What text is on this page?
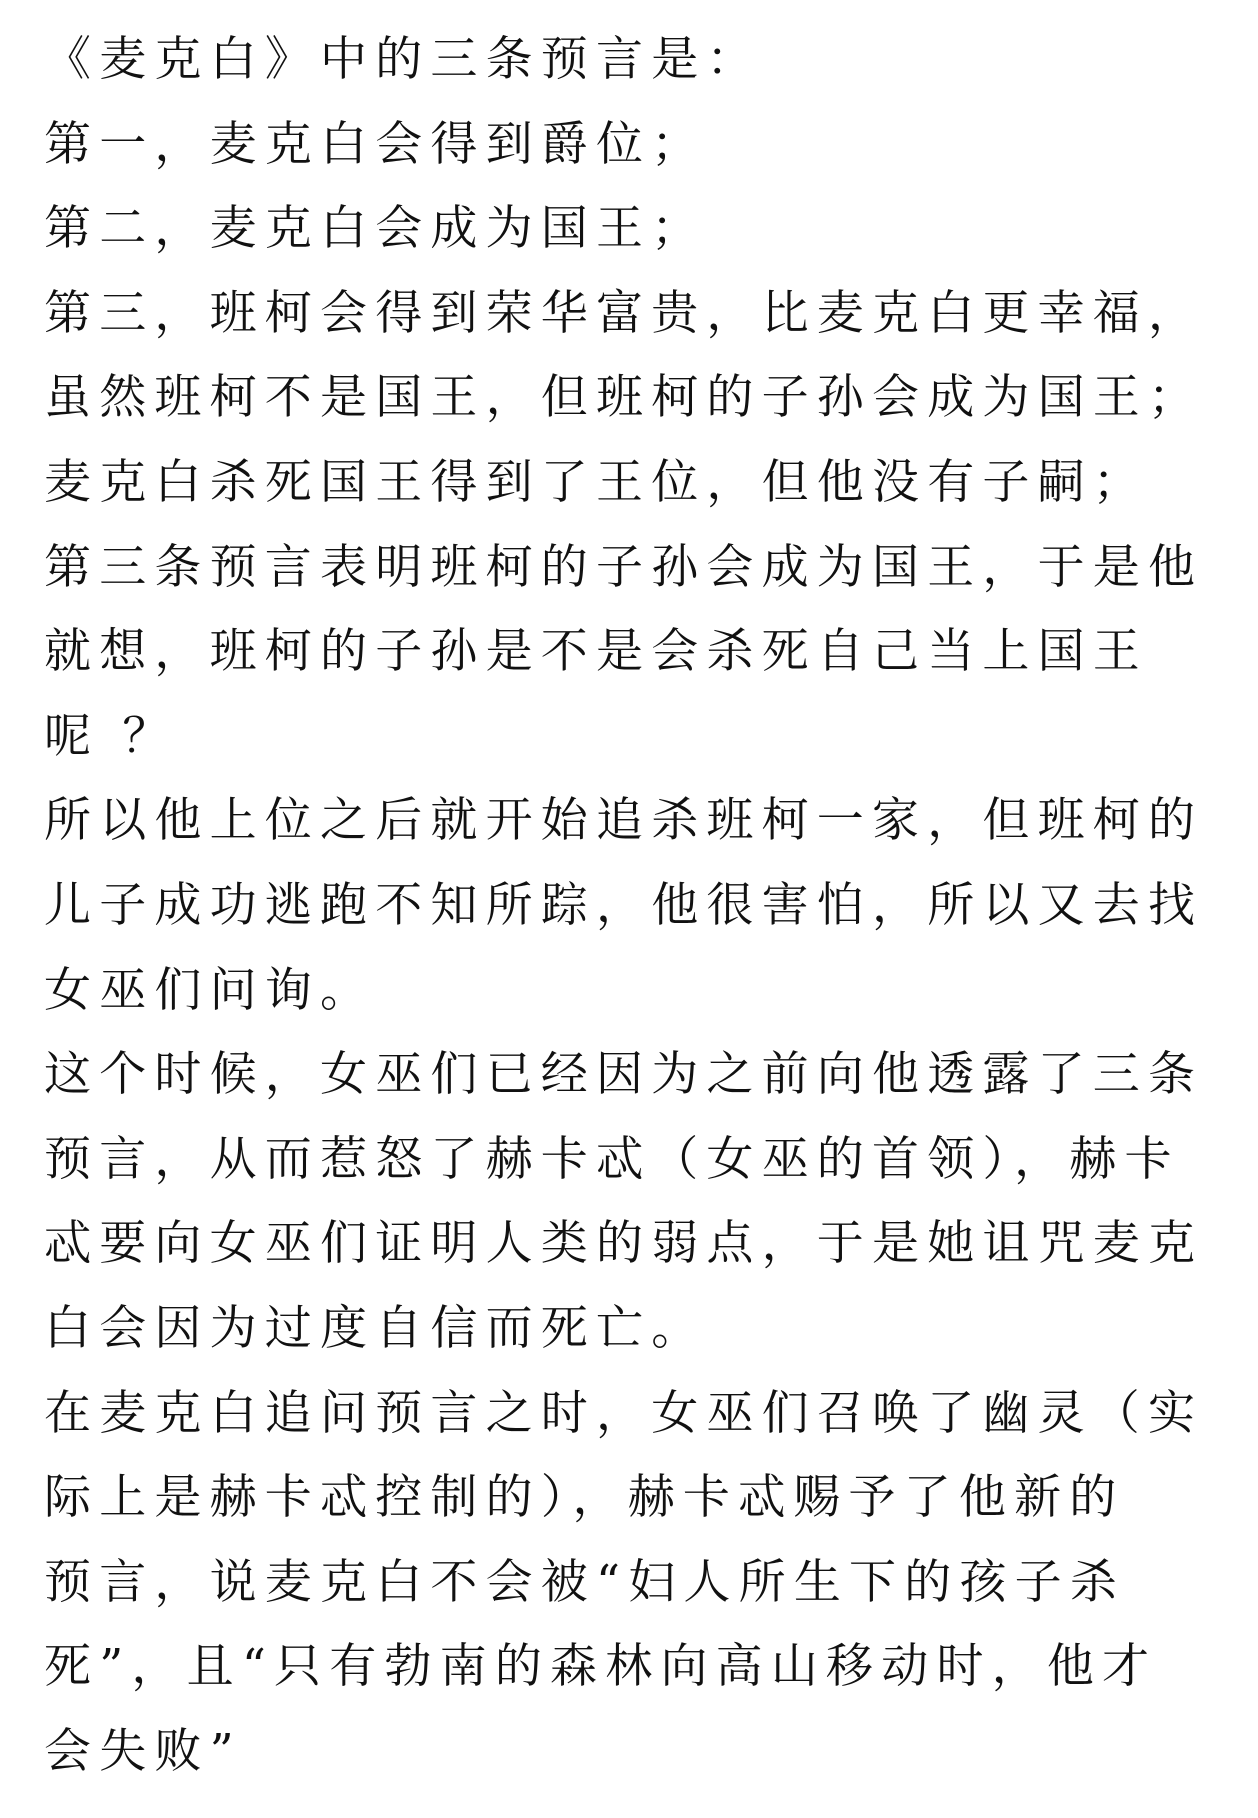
《麦克白》中的三条预言是：
第一，麦克白会得到爵位；
第二，麦克白会成为国王；
第三，班柯会得到荣华富贵，比麦克白更幸福，
虽然班柯不是国王，但班柯的子孙会成为国王；
麦克白杀死国王得到了王位，但他没有子嗣；
第三条预言表明班柯的子孙会成为国王，于是他
就想，班柯的子孙是不是会杀死自己当上国王
呢 ？
所以他上位之后就开始追杀班柯一家，但班柯的
儿子成功逃跑不知所踪，他很害怕，所以又去找
女巫们问询。
这个时候，女巫们已经因为之前向他透露了三条
预言，从而惹怒了赫卡忒（女巫的首领），赫卡
忒要向女巫们证明人类的弱点，于是她诅咒麦克
白会因为过度自信而死亡。
在麦克白追问预言之时，女巫们召唤了幽灵（实
际上是赫卡忒控制的），赫卡忒赐予了他新的
预言，说麦克白不会被“妇人所生下的孩子杀
死”，且“只有勃南的森林向高山移动时，他才
会失败”
